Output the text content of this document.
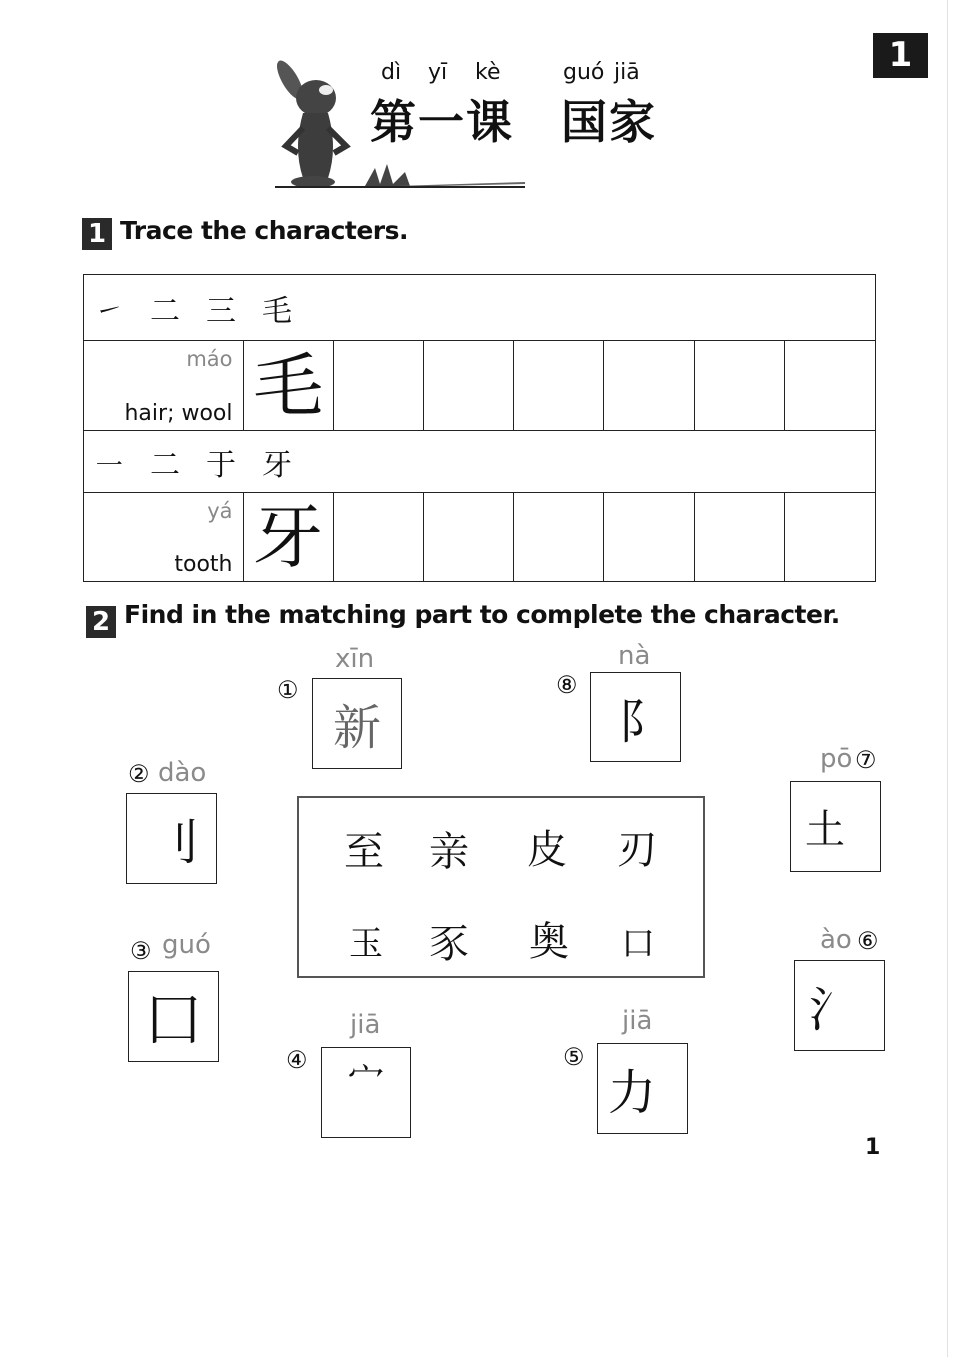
1
dì yī kè
第一课
guó jiā
国家
1 Trace the characters.
㇀ ⼆ 三 毛
máo
hair; wool 毛
㇐ ⼆ 于 牙
yá
tooth 牙
2 Find in the matching part to complete the character.
①
xīn
新
⑧
nà
阝
② dào
刂
pō ⑦
土
至 亲 皮 刃
玉 豕 奥 口
③ guó
囗
ào ⑥
氵
④
jiā
宀
⑤
jiā
力
1
